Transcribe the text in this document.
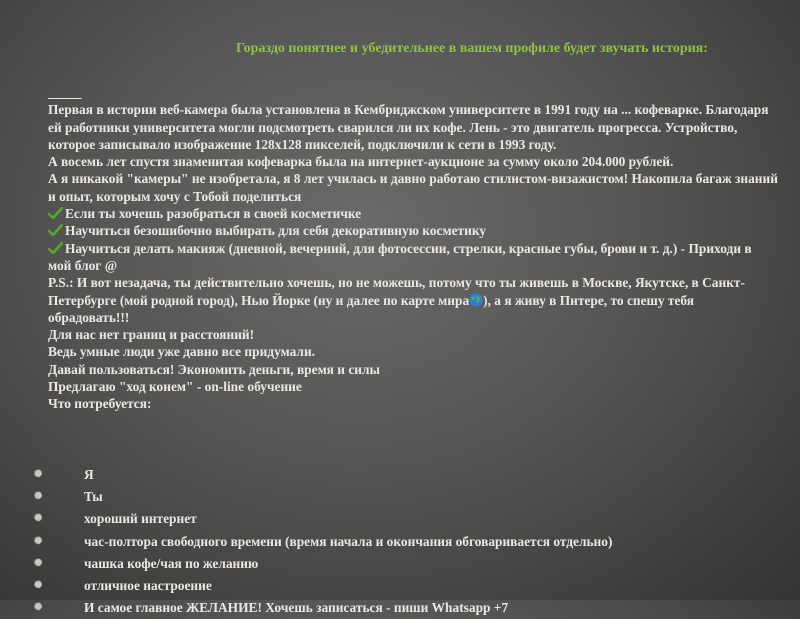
Гораздо понятнее и убедительнее в вашем профиле будет звучать история:

_____

Первая в истории веб-камера была установлена в Кембриджском университете в 1991 году на ... кофеварке. Благодаря ей работники университета могли подсмотреть сварился ли их кофе. Лень - это двигатель прогресса. Устройство, которое записывало изображение 128x128 пикселей, подключили к сети в 1993 году.

А восемь лет спустя знаменитая кофеварка была на интернет-аукционе за сумму около 204.000 рублей.

А я никакой "камеры" не изобретала, я 8 лет училась и давно работаю стилистом-визажистом! Накопила багаж знаний и опыт, которым хочу с Тобой поделиться

Если ты хочешь разобраться в своей косметичке

Научиться безошибочно выбирать для себя декоративную косметику

Научиться делать макияж (дневной, вечерний, для фотосессии, стрелки, красные губы, брови и т. д.) - Приходи в мой блог @

P.S.: И вот незадача, ты действительно хочешь, но не можешь, потому что ты живешь в Москве, Якутске, в Санкт-Петербурге (мой родной город), Нью Йорке (ну и далее по карте мира ), а я живу в Питере, то спешу тебя обрадовать!!!

Для нас нет границ и расстояний!

Ведь умные люди уже давно все придумали.

Давай пользоваться! Экономить деньги, время и силы

Предлагаю "ход конем" - on-line обучение

Что потребуется:

✺	Я
✺	Ты
✺	хороший интернет
✺	час-полтора свободного времени (время начала и окончания обговаривается отдельно)
✺	чашка кофе/чая по желанию
✺	отличное настроение
✺	И самое главное ЖЕЛАНИЕ! Хочешь записаться - пиши Whatsapp +7
